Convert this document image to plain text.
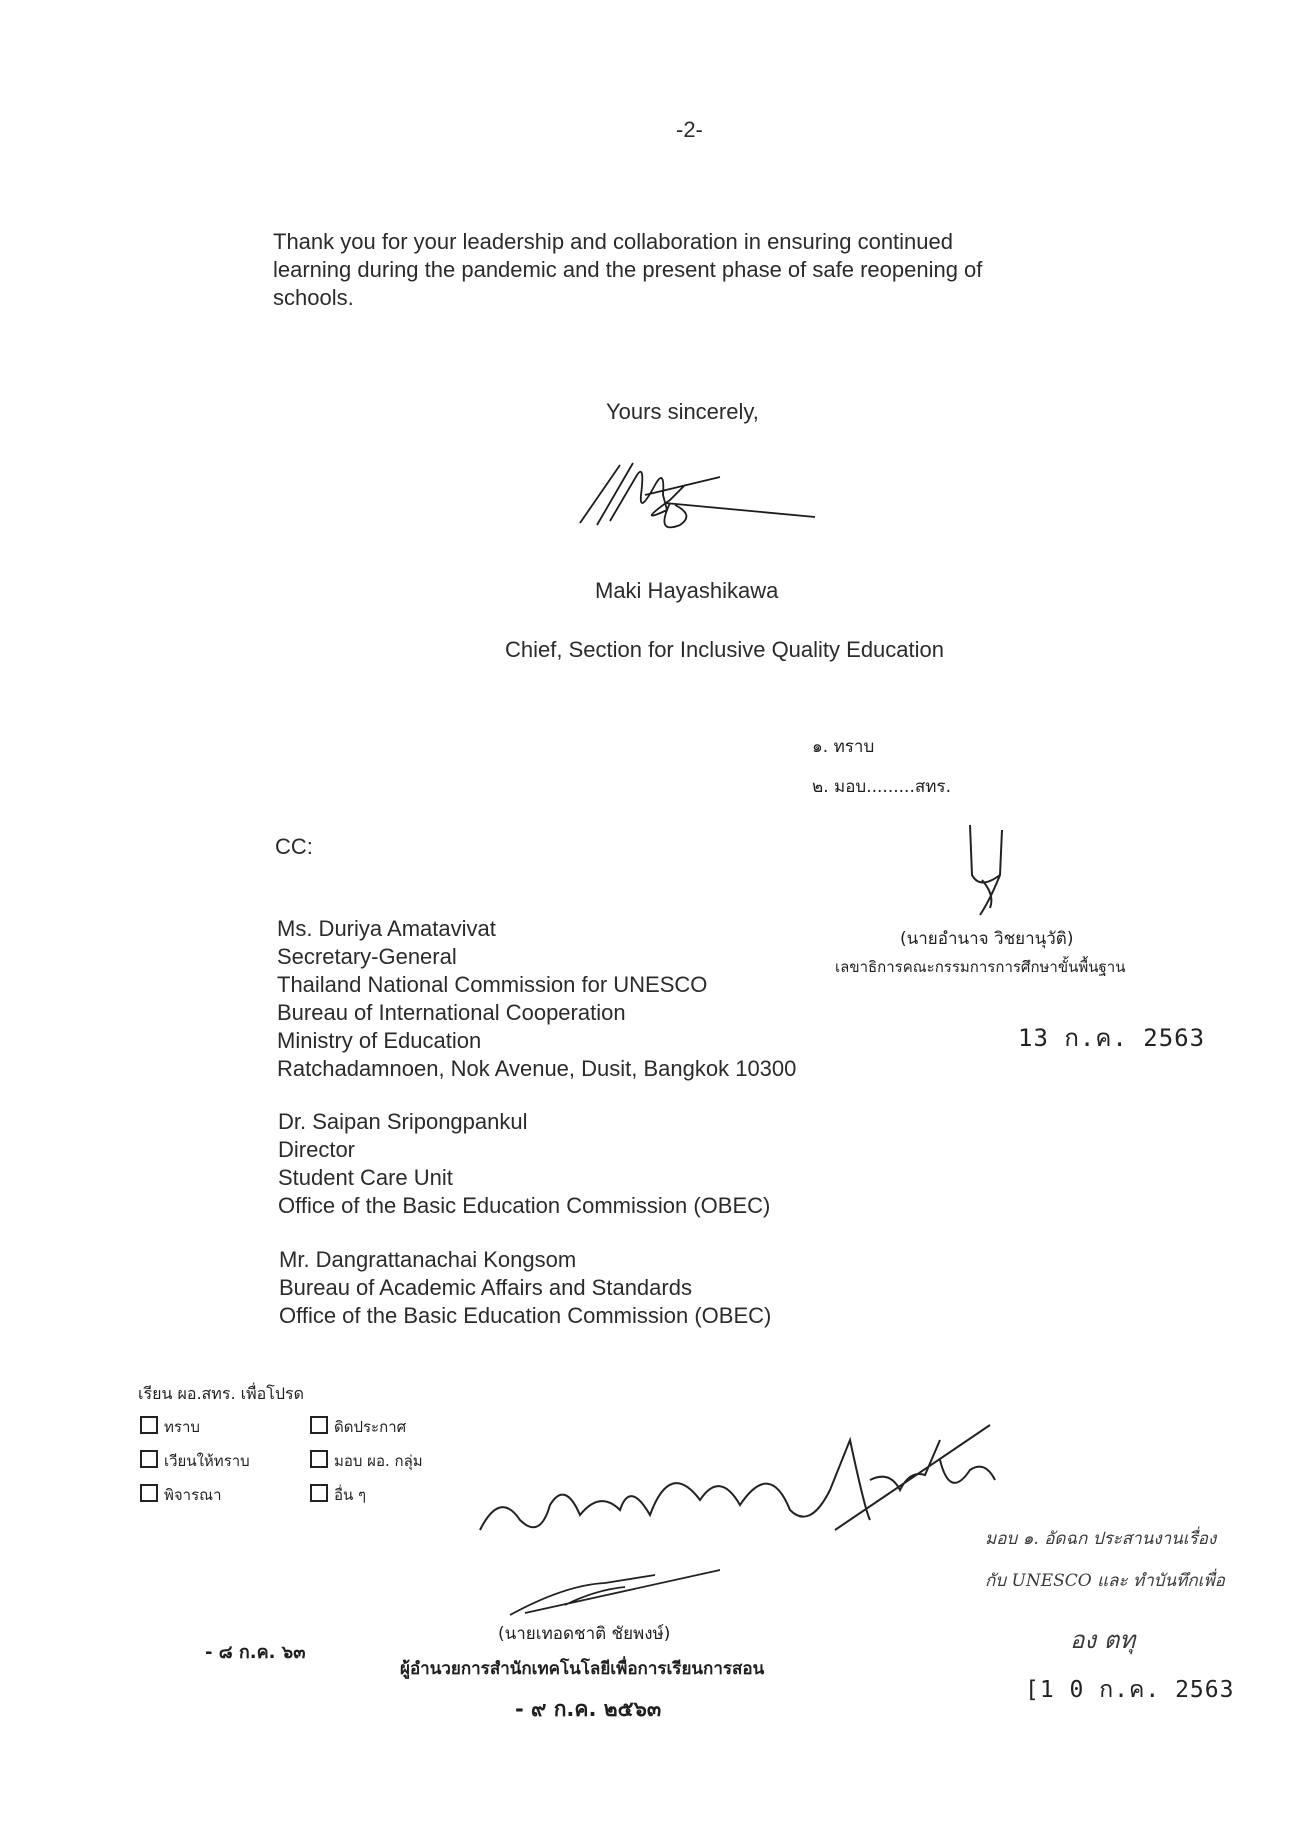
-2-
Thank you for your leadership and collaboration in ensuring continued
learning during the pandemic and the present phase of safe reopening of
schools.
Yours sincerely,
Maki Hayashikawa
Chief, Section for Inclusive Quality Education
๑. ทราบ
๒. มอบ.........สทร.
(นายอำนาจ วิชยานุวัติ)
เลขาธิการคณะกรรมการการศึกษาขั้นพื้นฐาน
13 ก.ค. 2563
CC:
Ms. Duriya Amatavivat
Secretary-General
Thailand National Commission for UNESCO
Bureau of International Cooperation
Ministry of Education
Ratchadamnoen, Nok Avenue, Dusit, Bangkok 10300
Dr. Saipan Sripongpankul
Director
Student Care Unit
Office of the Basic Education Commission (OBEC)
Mr. Dangrattanachai Kongsom
Bureau of Academic Affairs and Standards
Office of the Basic Education Commission (OBEC)
เรียน ผอ.สทร. เพื่อโปรด
ทราบ	ดิดประกาศ
เวียนให้ทราบ	มอบ ผอ. กลุ่ม
พิจารณา	อื่น ๆ
- ๘ ก.ค. ๖๓
(นายเทอดชาติ ชัยพงษ์)
ผู้อำนวยการสำนักเทคโนโลยีเพื่อการเรียนการสอน
- ๙ ก.ค. ๒๕๖๓
มอบ ๑. อัดฉก ประสานงานเรื่อง
กับ UNESCO และ ทำบันทึกเพื่อ
อง ตทุ
[1 0 ก.ค. 2563
